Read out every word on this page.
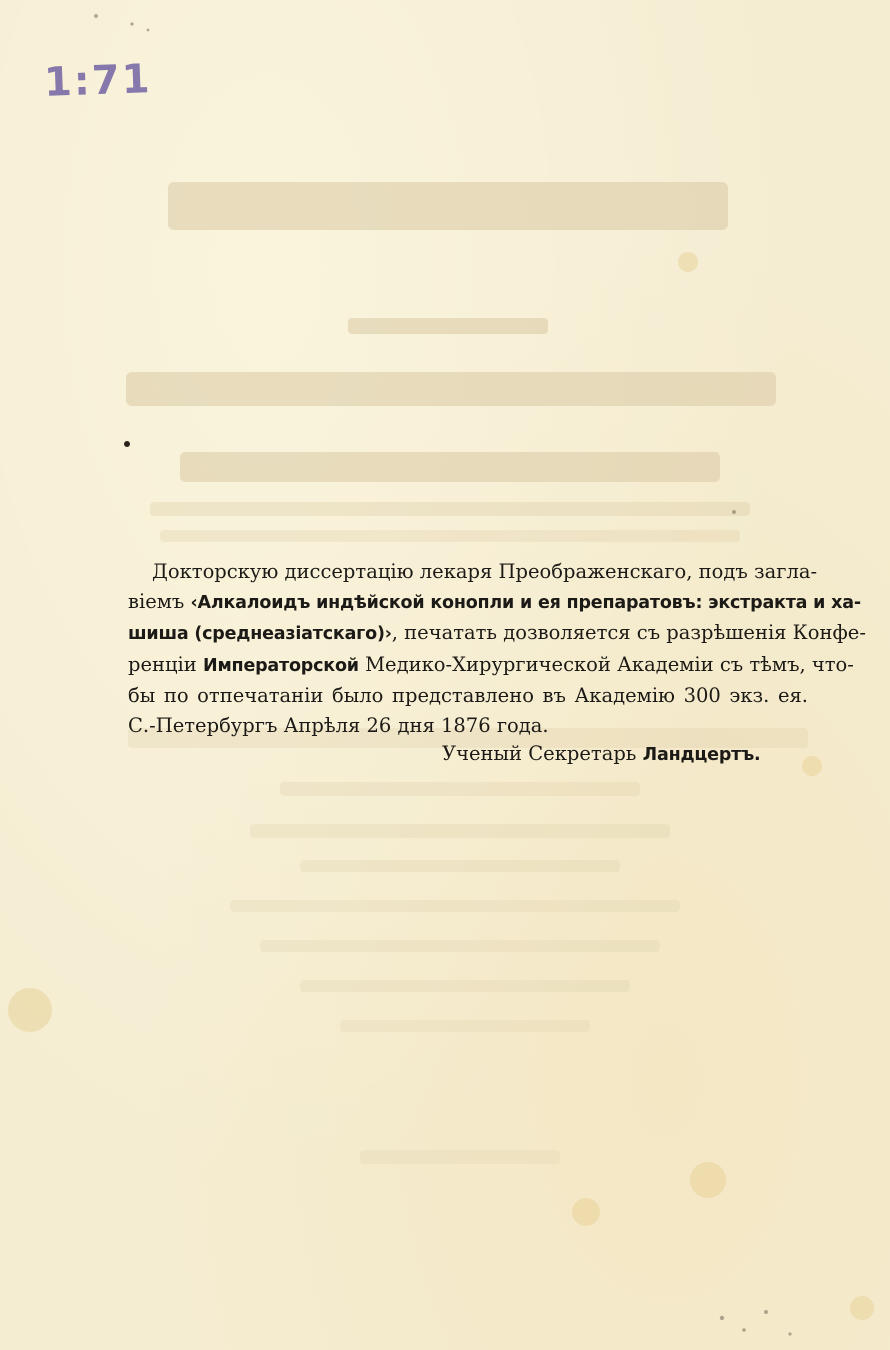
1:71
Докторскую диссертацію лекаря Преображенскаго, подъ загла-
віемъ ‹Алкалоидъ индѣйской конопли и ея препаратовъ: экстракта и ха-
шиша (среднеазіатскаго)›, печатать дозволяется съ разрѣшенія Конфе-
ренціи Императорской Медико-Хирургической Академіи съ тѣмъ, что-
бы по отпечатаніи было представлено въ Академію 300 экз. ея.
С.-Петербургъ Апрѣля 26 дня 1876 года.
Ученый Секретарь Ландцертъ.
